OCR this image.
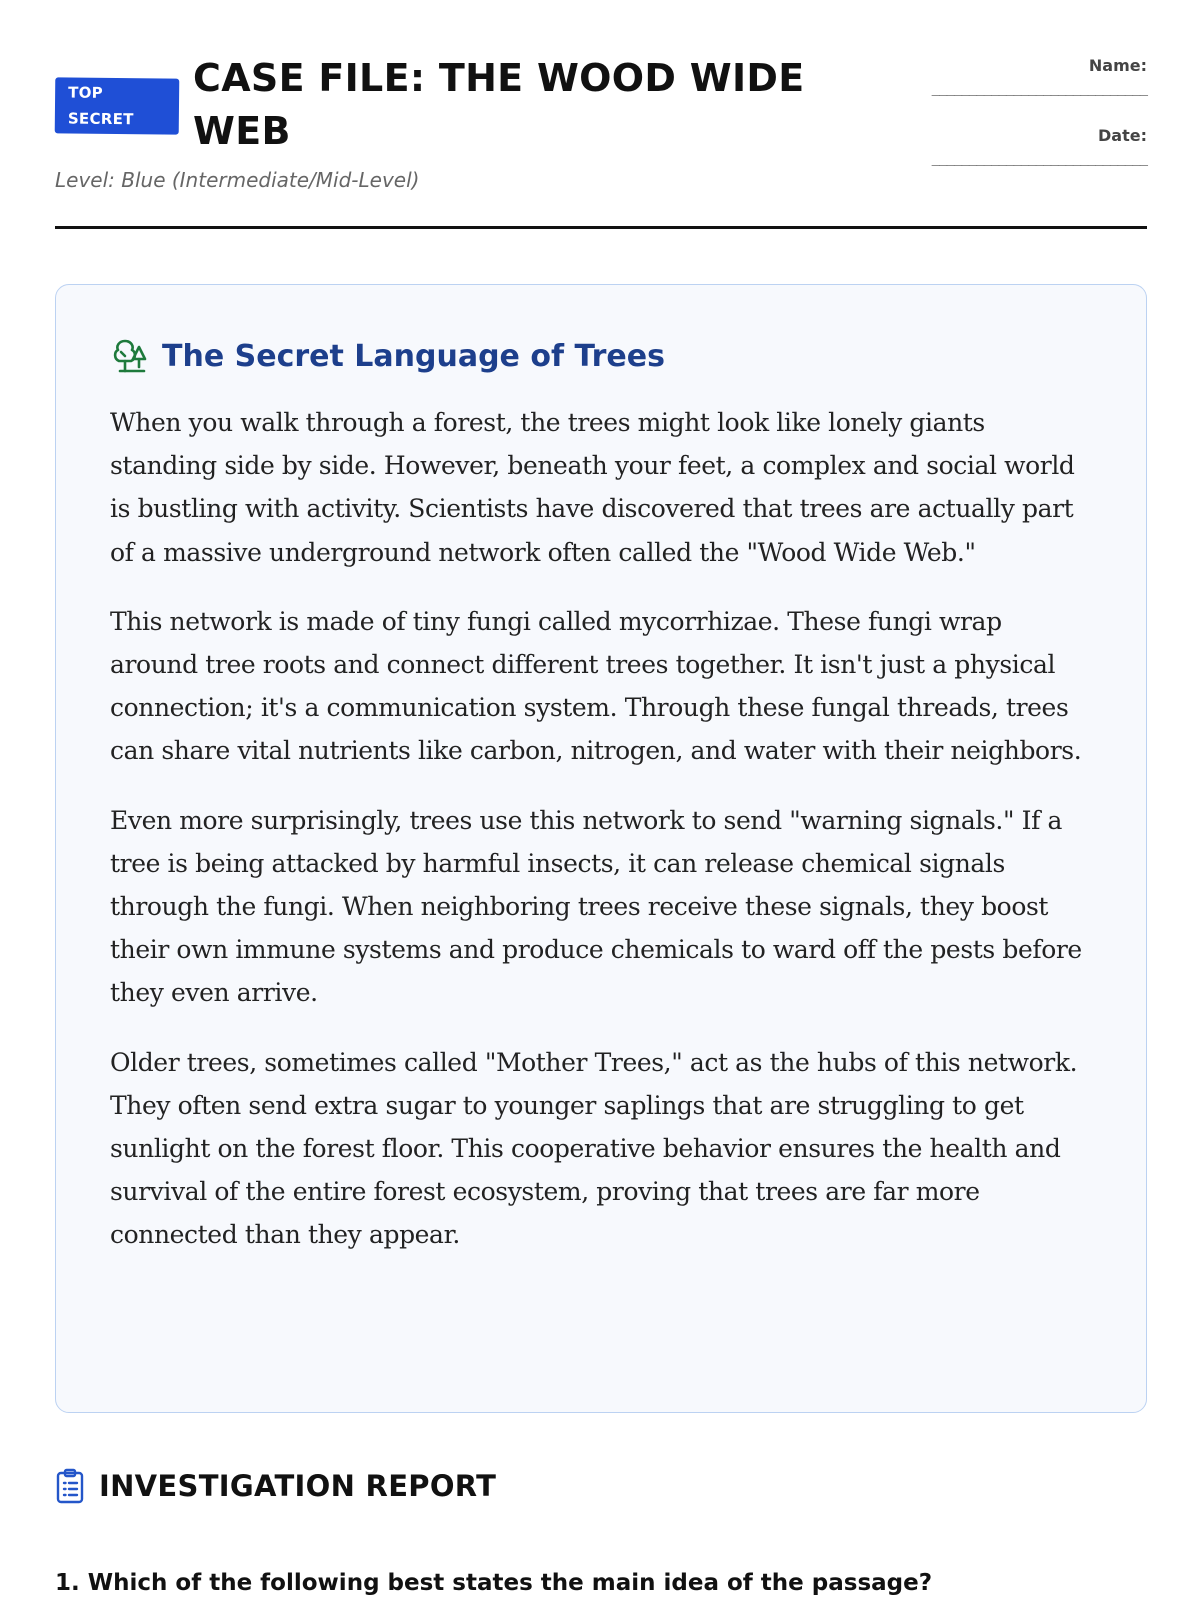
TOP
SECRET
CASE FILE: THE WOOD WIDE WEB
Level: Blue (Intermediate/Mid-Level)
Name:
_____________________________
Date:
_____________________________
The Secret Language of Trees

When you walk through a forest, the trees might look like lonely giants standing side by side. However, beneath your feet, a complex and social world is bustling with activity. Scientists have discovered that trees are actually part of a massive underground network often called the "Wood Wide Web."

This network is made of tiny fungi called mycorrhizae. These fungi wrap around tree roots and connect different trees together. It isn't just a physical connection; it's a communication system. Through these fungal threads, trees can share vital nutrients like carbon, nitrogen, and water with their neighbors.

Even more surprisingly, trees use this network to send "warning signals." If a tree is being attacked by harmful insects, it can release chemical signals through the fungi. When neighboring trees receive these signals, they boost their own immune systems and produce chemicals to ward off the pests before they even arrive.

Older trees, sometimes called "Mother Trees," act as the hubs of this network. They often send extra sugar to younger saplings that are struggling to get sunlight on the forest floor. This cooperative behavior ensures the health and survival of the entire forest ecosystem, proving that trees are far more connected than they appear.

INVESTIGATION REPORT
1. Which of the following best states the main idea of the passage?
